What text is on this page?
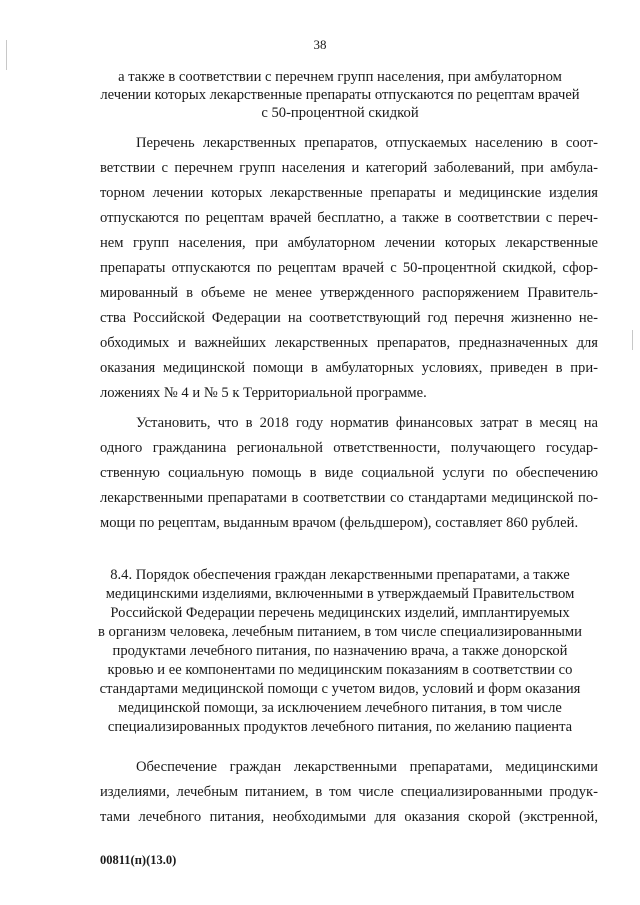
38
а также в соответствии с перечнем групп населения, при амбулаторном
лечении которых лекарственные препараты отпускаются по рецептам врачей
с 50-процентной скидкой
Перечень лекарственных препаратов, отпускаемых населению в соот-
ветствии с перечнем групп населения и категорий заболеваний, при амбула-
торном лечении которых лекарственные препараты и медицинские изделия
отпускаются по рецептам врачей бесплатно, а также в соответствии с переч-
нем групп населения, при амбулаторном лечении которых лекарственные
препараты отпускаются по рецептам врачей с 50-процентной скидкой, сфор-
мированный в объеме не менее утвержденного распоряжением Правитель-
ства Российской Федерации на соответствующий год перечня жизненно не-
обходимых и важнейших лекарственных препаратов, предназначенных для
оказания медицинской помощи в амбулаторных условиях, приведен в при-
ложениях № 4 и № 5 к Территориальной программе.
Установить, что в 2018 году норматив финансовых затрат в месяц на
одного гражданина региональной ответственности, получающего государ-
ственную социальную помощь в виде социальной услуги по обеспечению
лекарственными препаратами в соответствии со стандартами медицинской по-
мощи по рецептам, выданным врачом (фельдшером), составляет 860 рублей.
8.4. Порядок обеспечения граждан лекарственными препаратами, а также
медицинскими изделиями, включенными в утверждаемый Правительством
Российской Федерации перечень медицинских изделий, имплантируемых
в организм человека, лечебным питанием, в том числе специализированными
продуктами лечебного питания, по назначению врача, а также донорской
кровью и ее компонентами по медицинским показаниям в соответствии со
стандартами медицинской помощи с учетом видов, условий и форм оказания
медицинской помощи, за исключением лечебного питания, в том числе
специализированных продуктов лечебного питания, по желанию пациента
Обеспечение граждан лекарственными препаратами, медицинскими
изделиями, лечебным питанием, в том числе специализированными продук-
тами лечебного питания, необходимыми для оказания скорой (экстренной,
00811(п)(13.0)
